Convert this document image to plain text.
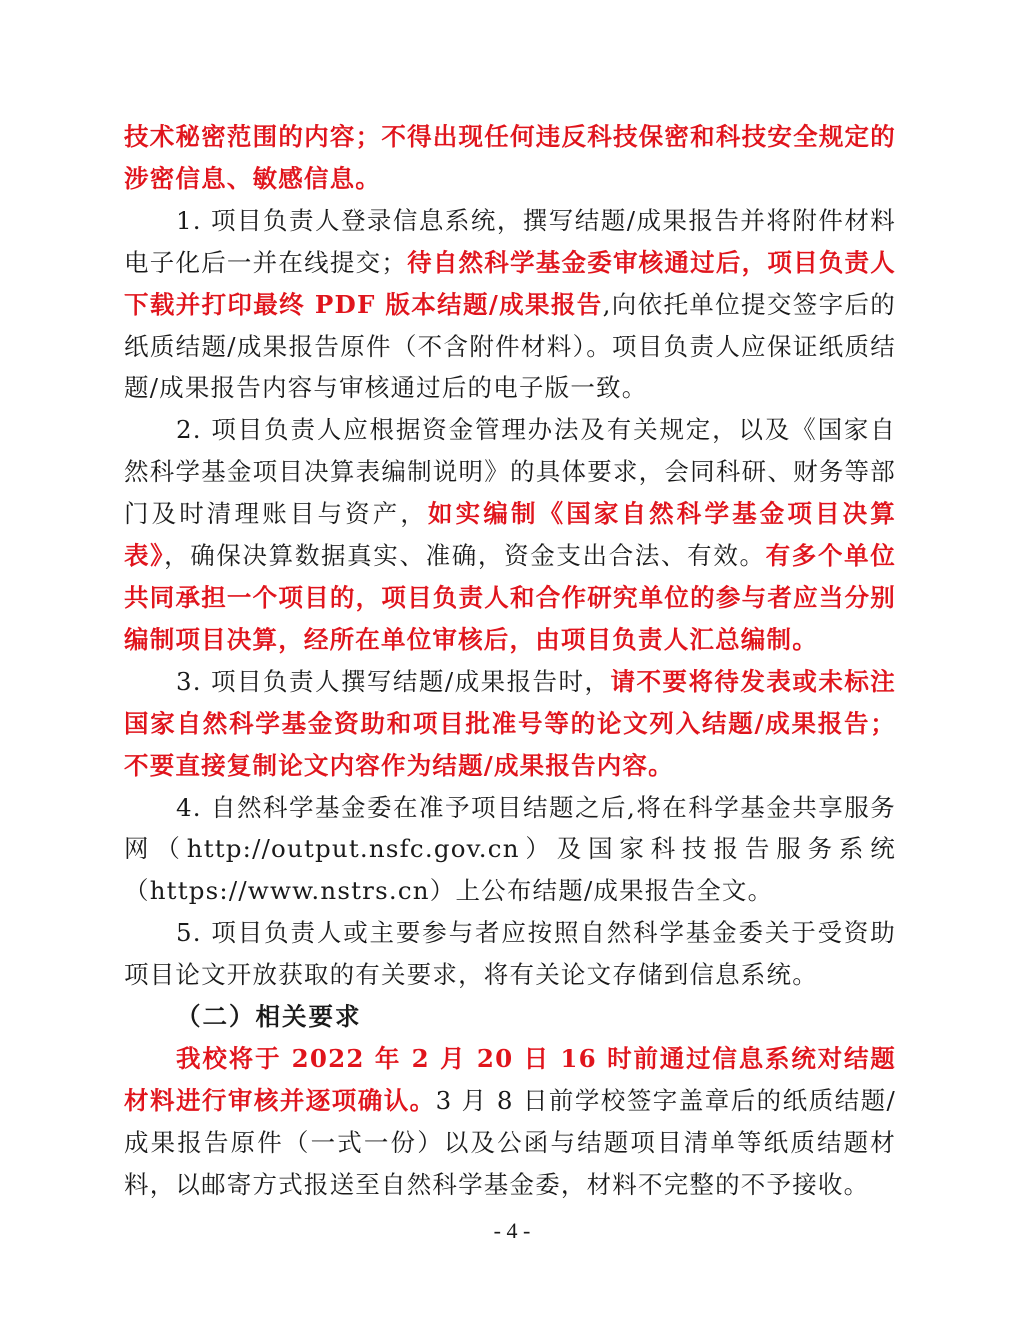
技术秘密范围的内容；不得出现任何违反科技保密和科技安全规定的涉密信息、敏感信息。

1. 项目负责人登录信息系统，撰写结题/成果报告并将附件材料电子化后一并在线提交；待自然科学基金委审核通过后，项目负责人下载并打印最终 PDF 版本结题/成果报告,向依托单位提交签字后的纸质结题/成果报告原件（不含附件材料）。项目负责人应保证纸质结题/成果报告内容与审核通过后的电子版一致。

2. 项目负责人应根据资金管理办法及有关规定，以及《国家自然科学基金项目决算表编制说明》的具体要求，会同科研、财务等部门及时清理账目与资产，如实编制《国家自然科学基金项目决算表》，确保决算数据真实、准确，资金支出合法、有效。有多个单位共同承担一个项目的，项目负责人和合作研究单位的参与者应当分别编制项目决算，经所在单位审核后，由项目负责人汇总编制。

3. 项目负责人撰写结题/成果报告时，请不要将待发表或未标注国家自然科学基金资助和项目批准号等的论文列入结题/成果报告；不要直接复制论文内容作为结题/成果报告内容。

4. 自然科学基金委在准予项目结题之后,将在科学基金共享服务网（http://output.nsfc.gov.cn）及国家科技报告服务系统（https://www.nstrs.cn）上公布结题/成果报告全文。

5. 项目负责人或主要参与者应按照自然科学基金委关于受资助项目论文开放获取的有关要求，将有关论文存储到信息系统。

（二）相关要求

我校将于 2022 年 2 月 20 日 16 时前通过信息系统对结题材料进行审核并逐项确认。3 月 8 日前学校签字盖章后的纸质结题/成果报告原件（一式一份）以及公函与结题项目清单等纸质结题材料，以邮寄方式报送至自然科学基金委，材料不完整的不予接收。

- 4 -
